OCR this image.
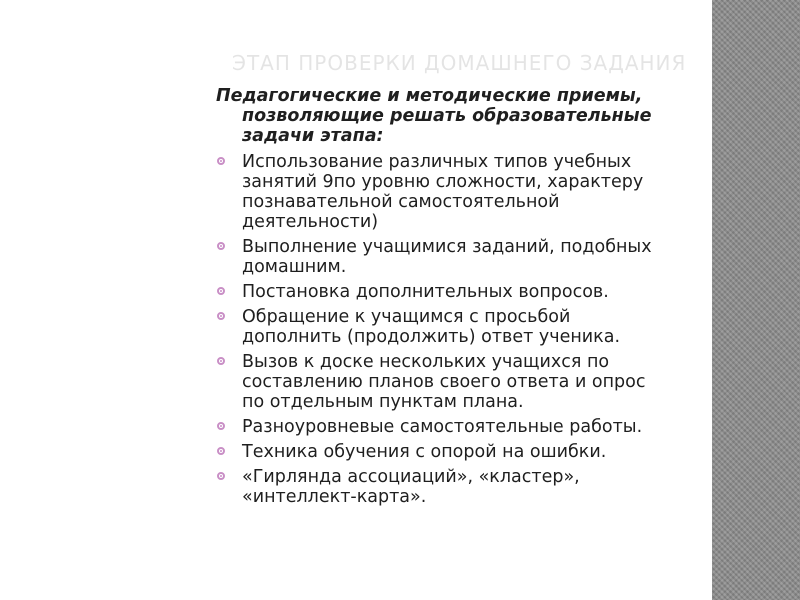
ЭТАП ПРОВЕРКИ ДОМАШНЕГО ЗАДАНИЯ

Педагогические и методические приемы,
позволяющие решать образовательные
задачи этапа:

Использование различных типов учебных
занятий 9по уровню сложности, характеру
познавательной самостоятельной
деятельности)
Выполнение учащимися заданий, подобных
домашним.
Постановка дополнительных вопросов.
Обращение к учащимся с просьбой
дополнить (продолжить) ответ ученика.
Вызов к доске нескольких учащихся по
составлению планов своего ответа и опрос
по отдельным пунктам плана.
Разноуровневые самостоятельные работы.
Техника обучения с опорой на ошибки.
«Гирлянда ассоциаций», «кластер»,
«интеллект-карта».
